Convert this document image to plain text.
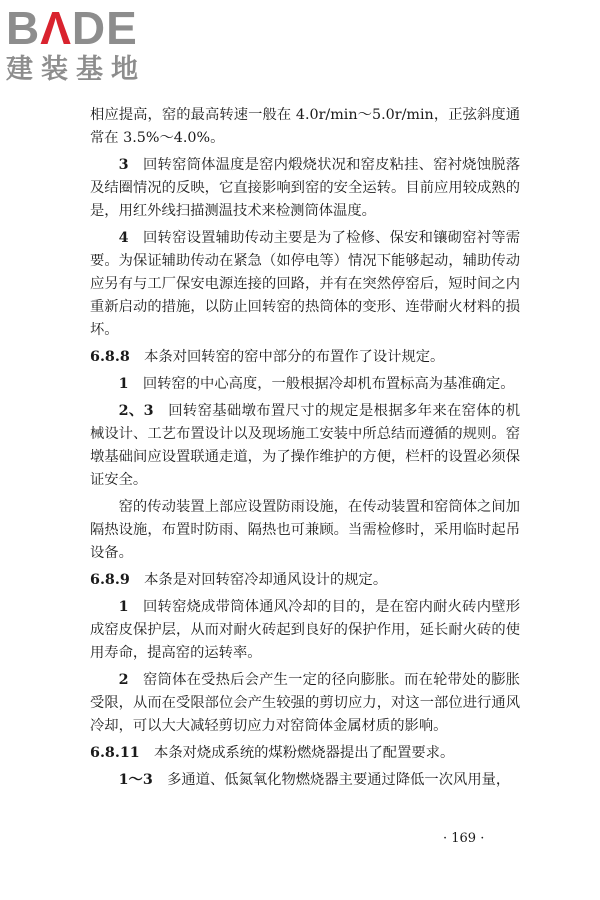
BΛDE
建装基地

相应提高，窑的最高转速一般在 4.0r/min～5.0r/min，正弦斜度通常在 3.5%～4.0%。

3  回转窑筒体温度是窑内煅烧状况和窑皮粘挂、窑衬烧蚀脱落及结圈情况的反映，它直接影响到窑的安全运转。目前应用较成熟的是，用红外线扫描测温技术来检测筒体温度。

4  回转窑设置辅助传动主要是为了检修、保安和镶砌窑衬等需要。为保证辅助传动在紧急（如停电等）情况下能够起动，辅助传动应另有与工厂保安电源连接的回路，并有在突然停窑后，短时间之内重新启动的措施，以防止回转窑的热筒体的变形、连带耐火材料的损坏。

6.8.8  本条对回转窑的窑中部分的布置作了设计规定。

1  回转窑的中心高度，一般根据冷却机布置标高为基准确定。

2、3  回转窑基础墩布置尺寸的规定是根据多年来在窑体的机械设计、工艺布置设计以及现场施工安装中所总结而遵循的规则。窑墩基础间应设置联通走道，为了操作维护的方便，栏杆的设置必须保证安全。

窑的传动装置上部应设置防雨设施，在传动装置和窑筒体之间加隔热设施，布置时防雨、隔热也可兼顾。当需检修时，采用临时起吊设备。

6.8.9  本条是对回转窑冷却通风设计的规定。

1  回转窑烧成带筒体通风冷却的目的，是在窑内耐火砖内壁形成窑皮保护层，从而对耐火砖起到良好的保护作用，延长耐火砖的使用寿命，提高窑的运转率。

2  窑筒体在受热后会产生一定的径向膨胀。而在轮带处的膨胀受限，从而在受限部位会产生较强的剪切应力，对这一部位进行通风冷却，可以大大减轻剪切应力对窑筒体金属材质的影响。

6.8.11  本条对烧成系统的煤粉燃烧器提出了配置要求。

1～3  多通道、低氮氧化物燃烧器主要通过降低一次风用量，

· 169 ·
